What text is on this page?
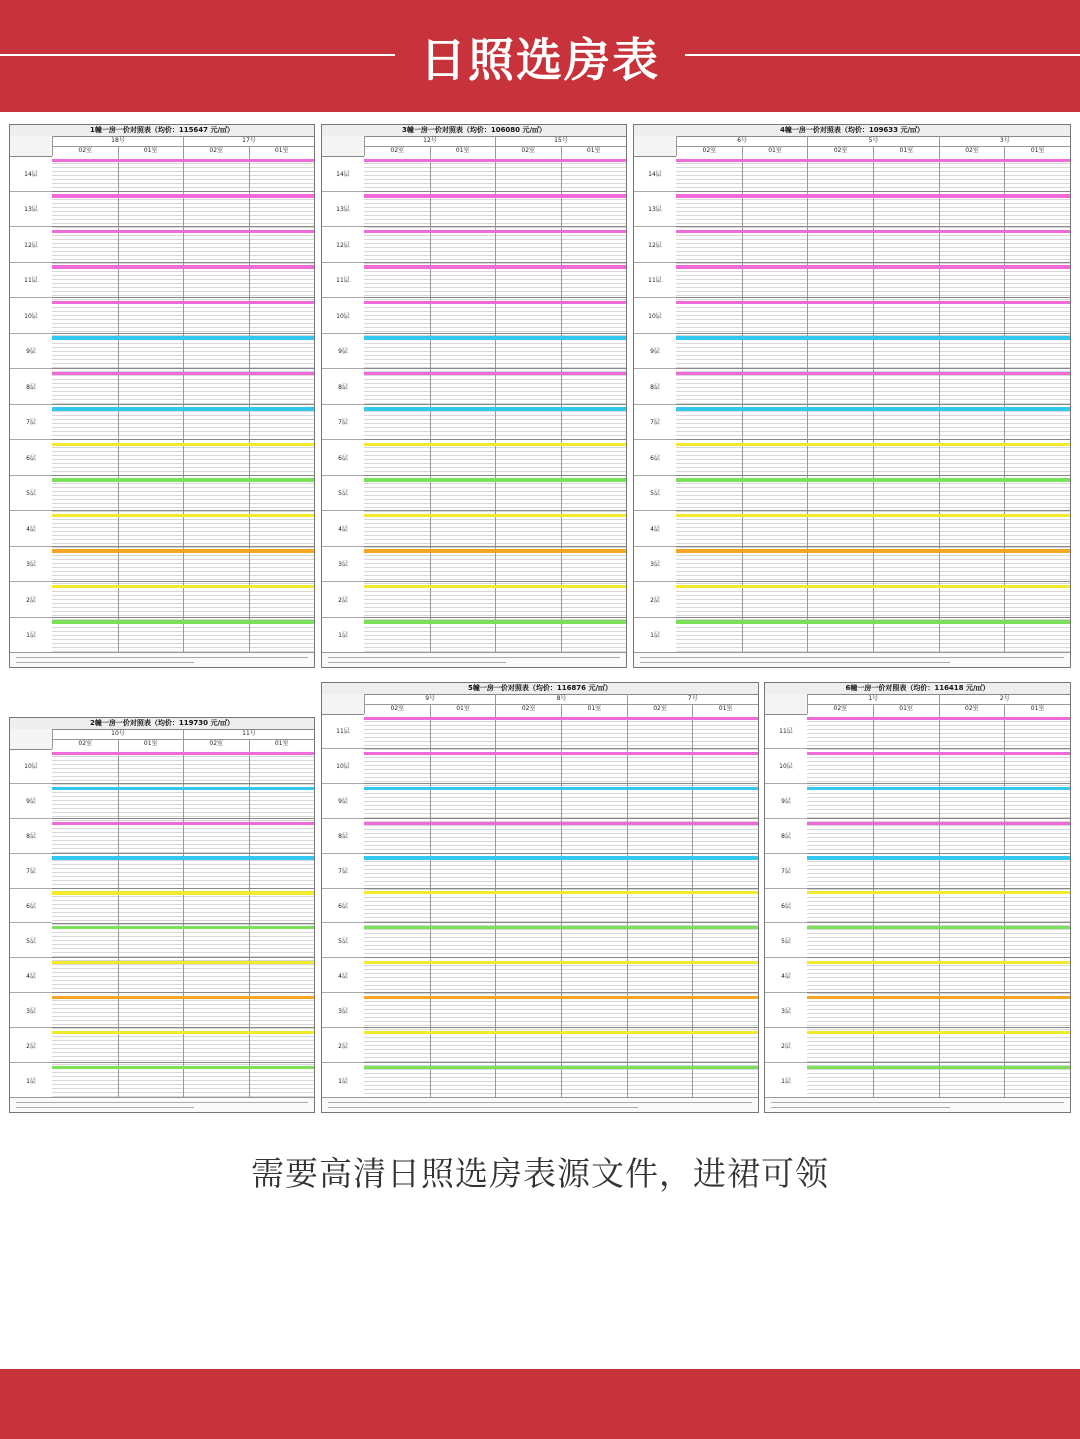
日照选房表
1幢一房一价对照表（均价：115647 元/㎡）
18号	17号
02室	01室	02室	01室
14层
13层
12层
11层
10层
9层
8层
7层
6层
5层
4层
3层
2层
1层
3幢一房一价对照表（均价：106080 元/㎡）
12号	15号
02室	01室	02室	01室
14层
13层
12层
11层
10层
9层
8层
7层
6层
5层
4层
3层
2层
1层
4幢一房一价对照表（均价：109633 元/㎡）
6号	5号	3号
02室	01室	02室	01室	02室	01室
14层
13层
12层
11层
10层
9层
8层
7层
6层
5层
4层
3层
2层
1层
2幢一房一价对照表（均价：119730 元/㎡）
10号	11号
02室	01室	02室	01室
10层
9层
8层
7层
6层
5层
4层
3层
2层
1层
5幢一房一价对照表（均价：116876 元/㎡）
9号	8号	7号
02室	01室	02室	01室	02室	01室
11层
10层
9层
8层
7层
6层
5层
4层
3层
2层
1层
6幢一房一价对照表（均价：116418 元/㎡）
1号	2号
02室	01室	02室	01室
11层
10层
9层
8层
7层
6层
5层
4层
3层
2层
1层
需要高清日照选房表源文件，进裙可领
